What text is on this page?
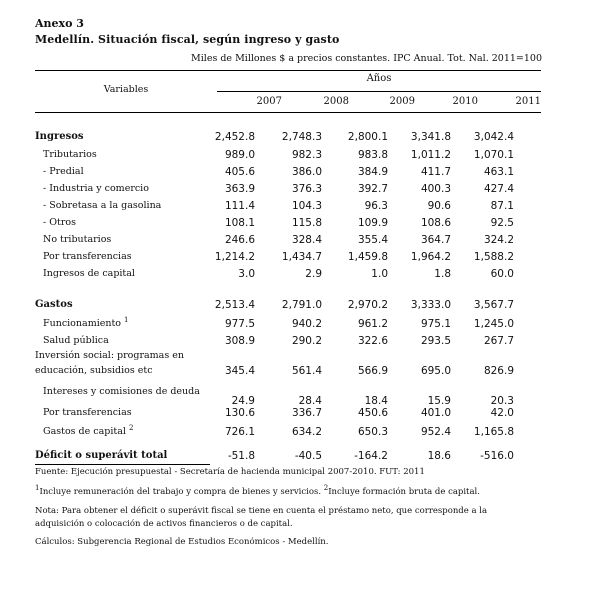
Anexo 3
Medellín. Situación fiscal, según ingreso y gasto
Miles de Millones $ a precios constantes. IPC Anual. Tot. Nal. 2011=100
Variables
Años
2007	2008	2009	2010	2011
Ingresos	2,452.8	2,748.3	2,800.1	3,341.8	3,042.4
Tributarios	989.0	982.3	983.8	1,011.2	1,070.1
- Predial	405.6	386.0	384.9	411.7	463.1
- Industria y comercio	363.9	376.3	392.7	400.3	427.4
- Sobretasa a la gasolina	111.4	104.3	96.3	90.6	87.1
- Otros	108.1	115.8	109.9	108.6	92.5
No tributarios	246.6	328.4	355.4	364.7	324.2
Por transferencias	1,214.2	1,434.7	1,459.8	1,964.2	1,588.2
Ingresos de capital	3.0	2.9	1.0	1.8	60.0
Gastos	2,513.4	2,791.0	2,970.2	3,333.0	3,567.7
Funcionamiento $^1$	977.5	940.2	961.2	975.1	1,245.0
Salud pública	308.9	290.2	322.6	293.5	267.7
Inversión social: programas en
educación, subsidios etc	345.4	561.4	566.9	695.0	826.9
Intereses y comisiones de deuda
24.9	28.4	18.4	15.9	20.3
Por transferencias	130.6	336.7	450.6	401.0	42.0
Gastos de capital $^2$	726.1	634.2	650.3	952.4	1,165.8
Déficit o superávit total	-51.8	-40.5	-164.2	18.6	-516.0
Fuente: Ejecución presupuestal - Secretaría de hacienda municipal 2007-2010. FUT: 2011
$^1$Incluye remuneración del trabajo y compra de bienes y servicios. $^2$Incluye formación bruta de capital.
Nota: Para obtener el déficit o superávit fiscal se tiene en cuenta el préstamo neto, que corresponde a la
adquisición o colocación de activos financieros o de capital.
Cálculos: Subgerencia Regional de Estudios Económicos - Medellín.
